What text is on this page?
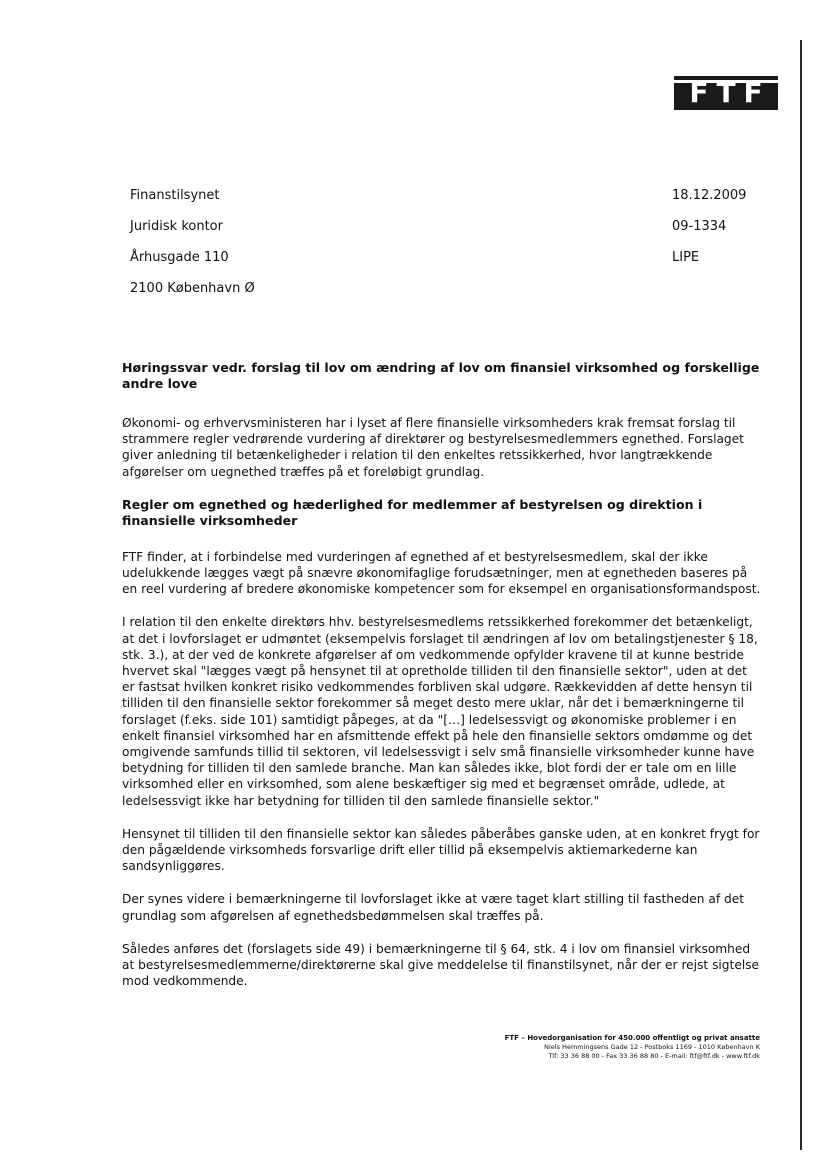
FTF
Finanstilsynet
Juridisk kontor
Århusgade 110
2100 København Ø
18.12.2009
09-1334
LIPE
Høringssvar vedr. forslag til lov om ændring af lov om finansiel virksomhed og forskellige andre love

Økonomi- og erhvervsministeren har i lyset af flere finansielle virksomheders krak fremsat forslag til strammere regler vedrørende vurdering af direktører og bestyrelsesmedlemmers egnethed. Forslaget giver anledning til betænkeligheder i relation til den enkeltes retssikkerhed, hvor langtrækkende afgørelser om uegnethed træffes på et foreløbigt grundlag.

Regler om egnethed og hæderlighed for medlemmer af bestyrelsen og direktion i finansielle virksomheder

FTF finder, at i forbindelse med vurderingen af egnethed af et bestyrelsesmedlem, skal der ikke udelukkende lægges vægt på snævre økonomifaglige forudsætninger, men at egnetheden baseres på en reel vurdering af bredere økonomiske kompetencer som for eksempel en organisationsformandspost.

I relation til den enkelte direktørs hhv. bestyrelsesmedlems retssikkerhed forekommer det betænkeligt, at det i lovforslaget er udmøntet (eksempelvis forslaget til ændringen af lov om betalingstjenester § 18, stk. 3.), at der ved de konkrete afgørelser af om vedkommende opfylder kravene til at kunne bestride hvervet skal "lægges vægt på hensynet til at opretholde tilliden til den finansielle sektor", uden at det er fastsat hvilken konkret risiko vedkommendes forbliven skal udgøre. Rækkevidden af dette hensyn til tilliden til den finansielle sektor forekommer så meget desto mere uklar, når det i bemærkningerne til forslaget (f.eks. side 101) samtidigt påpeges, at da "[…] ledelsessvigt og økonomiske problemer i en enkelt finansiel virksomhed har en afsmittende effekt på hele den finansielle sektors omdømme og det omgivende samfunds tillid til sektoren, vil ledelsessvigt i selv små finansielle virksomheder kunne have betydning for tilliden til den samlede branche. Man kan således ikke, blot fordi der er tale om en lille virksomhed eller en virksomhed, som alene beskæftiger sig med et begrænset område, udlede, at ledelsessvigt ikke har betydning for tilliden til den samlede finansielle sektor."

Hensynet til tilliden til den finansielle sektor kan således påberåbes ganske uden, at en konkret frygt for den pågældende virksomheds forsvarlige drift eller tillid på eksempelvis aktiemarkederne kan sandsynliggøres.

Der synes videre i bemærkningerne til lovforslaget ikke at være taget klart stilling til fastheden af det grundlag som afgørelsen af egnethedsbedømmelsen skal træffes på.

Således anføres det (forslagets side 49) i bemærkningerne til § 64, stk. 4 i lov om finansiel virksomhed at bestyrelsesmedlemmerne/direktørerne skal give meddelelse til finanstilsynet, når der er rejst sigtelse mod vedkommende.

FTF – Hovedorganisation for 450.000 offentligt og privat ansatte
Niels Hemmingsens Gade 12 - Postboks 1169 - 1010 København K
Tlf: 33 36 88 00 - Fax 33 36 88 80 - E-mail: ftf@ftf.dk - www.ftf.dk
